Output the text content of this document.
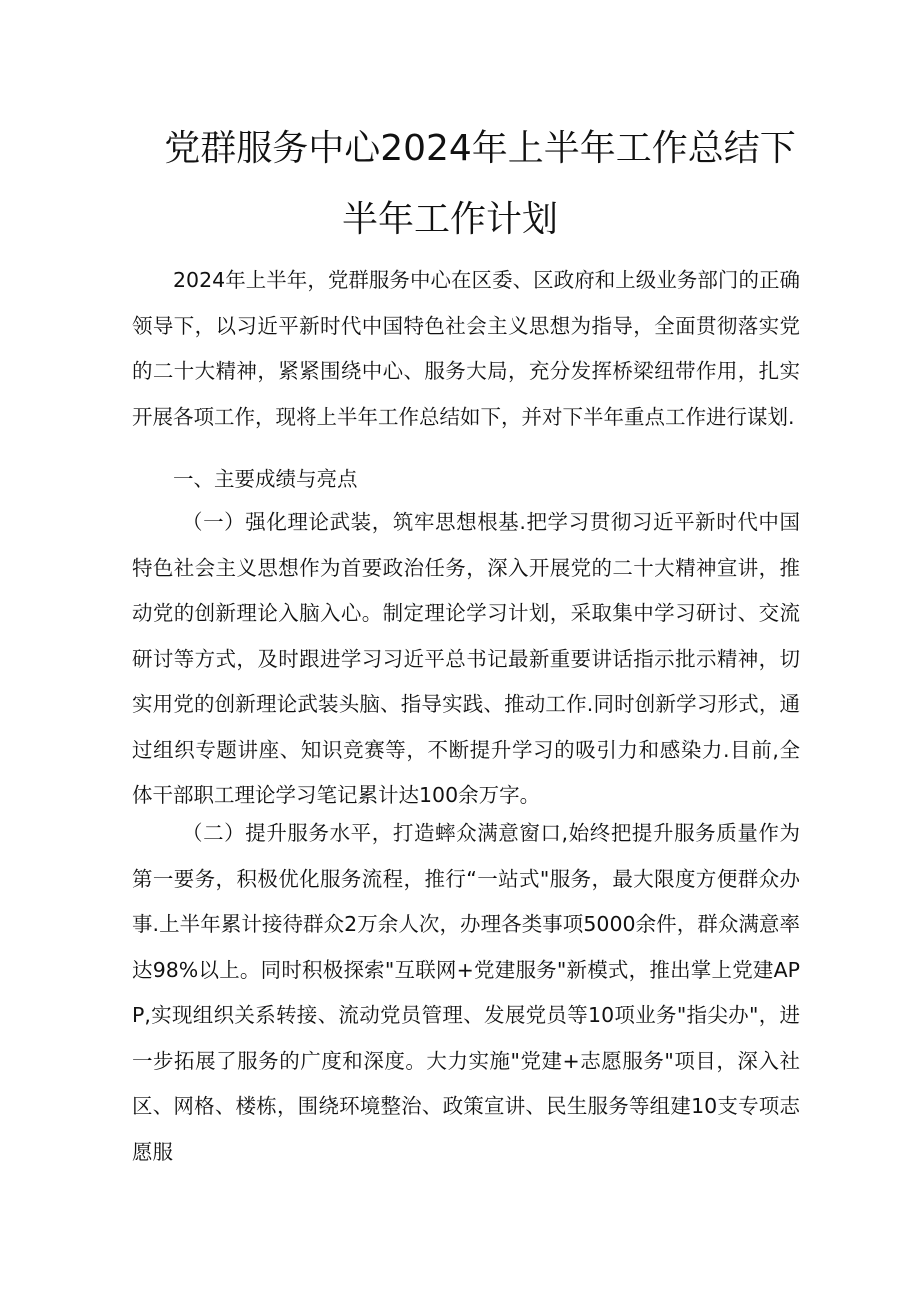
党群服务中心2024年上半年工作总结下
半年工作计划

2024年上半年，党群服务中心在区委、区政府和上级业务部门的正确领导下，以习近平新时代中国特色社会主义思想为指导，全面贯彻落实党的二十大精神，紧紧围绕中心、服务大局，充分发挥桥梁纽带作用，扎实开展各项工作，现将上半年工作总结如下，并对下半年重点工作进行谋划.

一、主要成绩与亮点

（一）强化理论武装，筑牢思想根基.把学习贯彻习近平新时代中国特色社会主义思想作为首要政治任务，深入开展党的二十大精神宣讲，推动党的创新理论入脑入心。制定理论学习计划，采取集中学习研讨、交流研讨等方式，及时跟进学习习近平总书记最新重要讲话指示批示精神，切实用党的创新理论武装头脑、指导实践、推动工作.同时创新学习形式，通过组织专题讲座、知识竞赛等，不断提升学习的吸引力和感染力.目前,全体干部职工理论学习笔记累计达100余万字。

（二）提升服务水平，打造蟀众满意窗口,始终把提升服务质量作为第一要务，积极优化服务流程，推行“一站式"服务，最大限度方便群众办事.上半年累计接待群众2万余人次，办理各类事项5000余件，群众满意率达98%以上。同时积极探索"互联网+党建服务"新模式，推出掌上党建APP,实现组织关系转接、流动党员管理、发展党员等10项业务"指尖办"，进一步拓展了服务的广度和深度。大力实施"党建+志愿服务"项目，深入社区、网格、楼栋，围绕环境整治、政策宣讲、民生服务等组建10支专项志愿服
